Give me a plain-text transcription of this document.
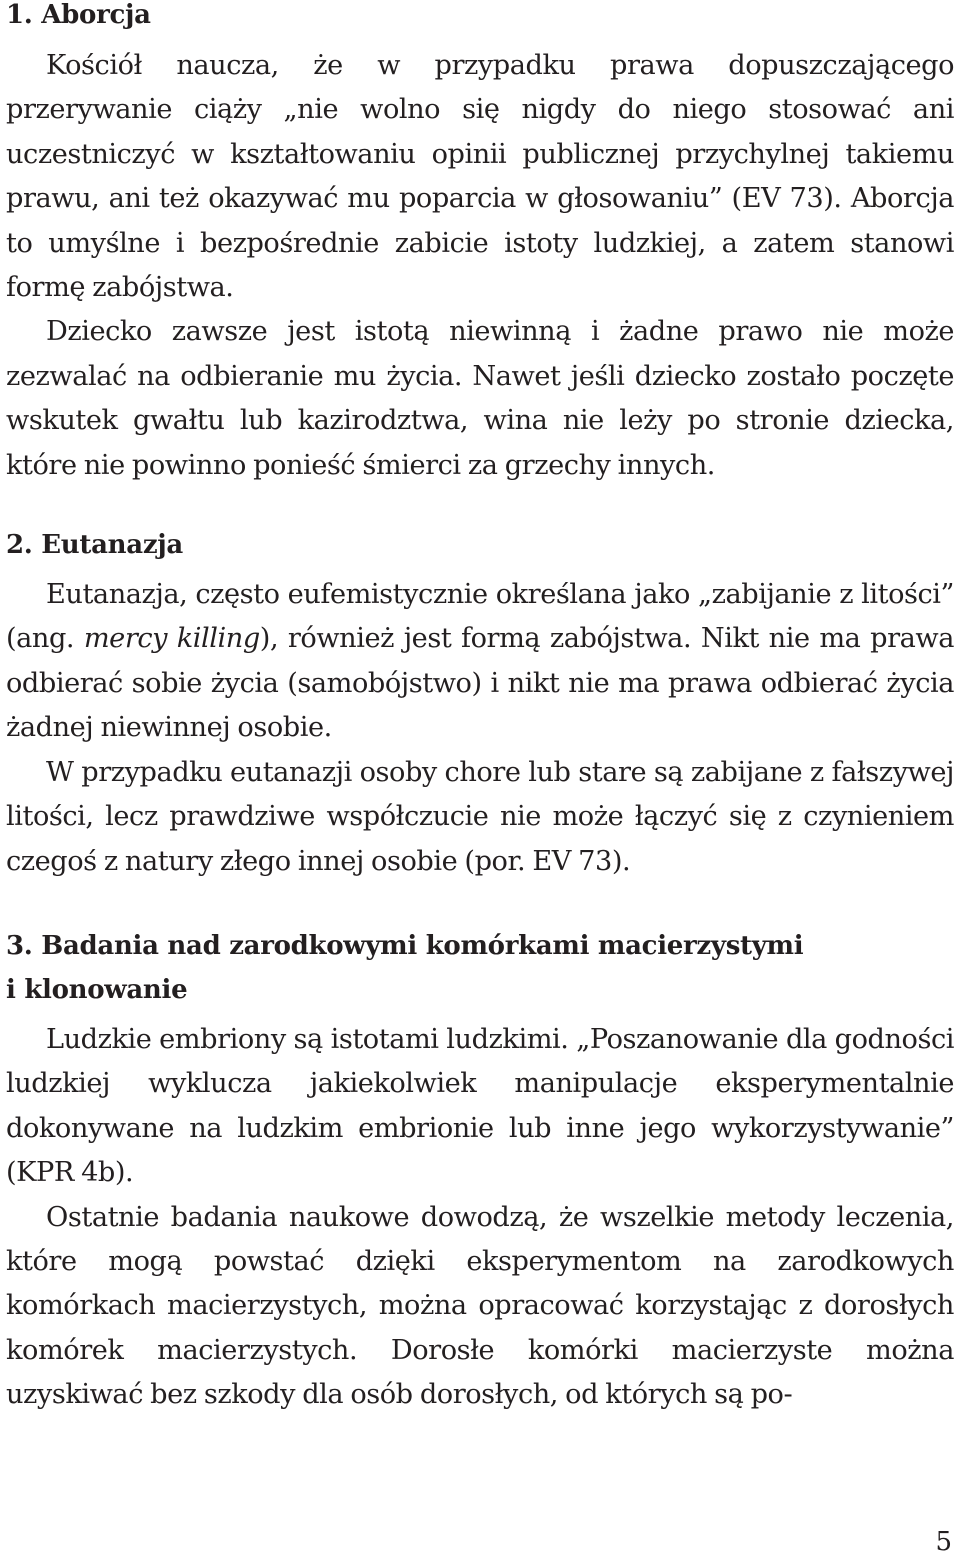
1. Aborcja

Kościół naucza, że w przypadku prawa dopuszczającego przerywanie ciąży „nie wolno się nigdy do niego stosować ani uczestniczyć w kształtowaniu opinii publicznej przychylnej takiemu prawu, ani też okazywać mu poparcia w głosowaniu” (EV 73). Aborcja to umyślne i bezpośrednie zabicie istoty ludzkiej, a zatem stanowi formę zabójstwa.

Dziecko zawsze jest istotą niewinną i żadne prawo nie może zezwalać na odbieranie mu życia. Nawet jeśli dziecko zostało poczęte wskutek gwałtu lub kazirodztwa, wina nie leży po stronie dziecka, które nie powinno ponieść śmierci za grzechy innych.

2. Eutanazja

Eutanazja, często eufemistycznie określana jako „zabijanie z litości” (ang. mercy killing), również jest formą zabójstwa. Nikt nie ma prawa odbierać sobie życia (samobójstwo) i nikt nie ma prawa odbierać życia żadnej niewinnej osobie.

W przypadku eutanazji osoby chore lub stare są zabijane z fałszywej litości, lecz prawdziwe współczucie nie może łączyć się z czynieniem czegoś z natury złego innej osobie (por. EV 73).

3. Badania nad zarodkowymi komórkami macierzystymi
i klonowanie

Ludzkie embriony są istotami ludzkimi. „Poszanowanie dla godności ludzkiej wyklucza jakiekolwiek manipulacje eksperymentalnie dokonywane na ludzkim embrionie lub inne jego wykorzystywanie” (KPR 4b).

Ostatnie badania naukowe dowodzą, że wszelkie metody leczenia, które mogą powstać dzięki eksperymentom na zarodkowych komórkach macierzystych, można opracować korzystając z dorosłych komórek macierzystych. Dorosłe komórki macierzyste można uzyskiwać bez szkody dla osób dorosłych, od których są po-

5
